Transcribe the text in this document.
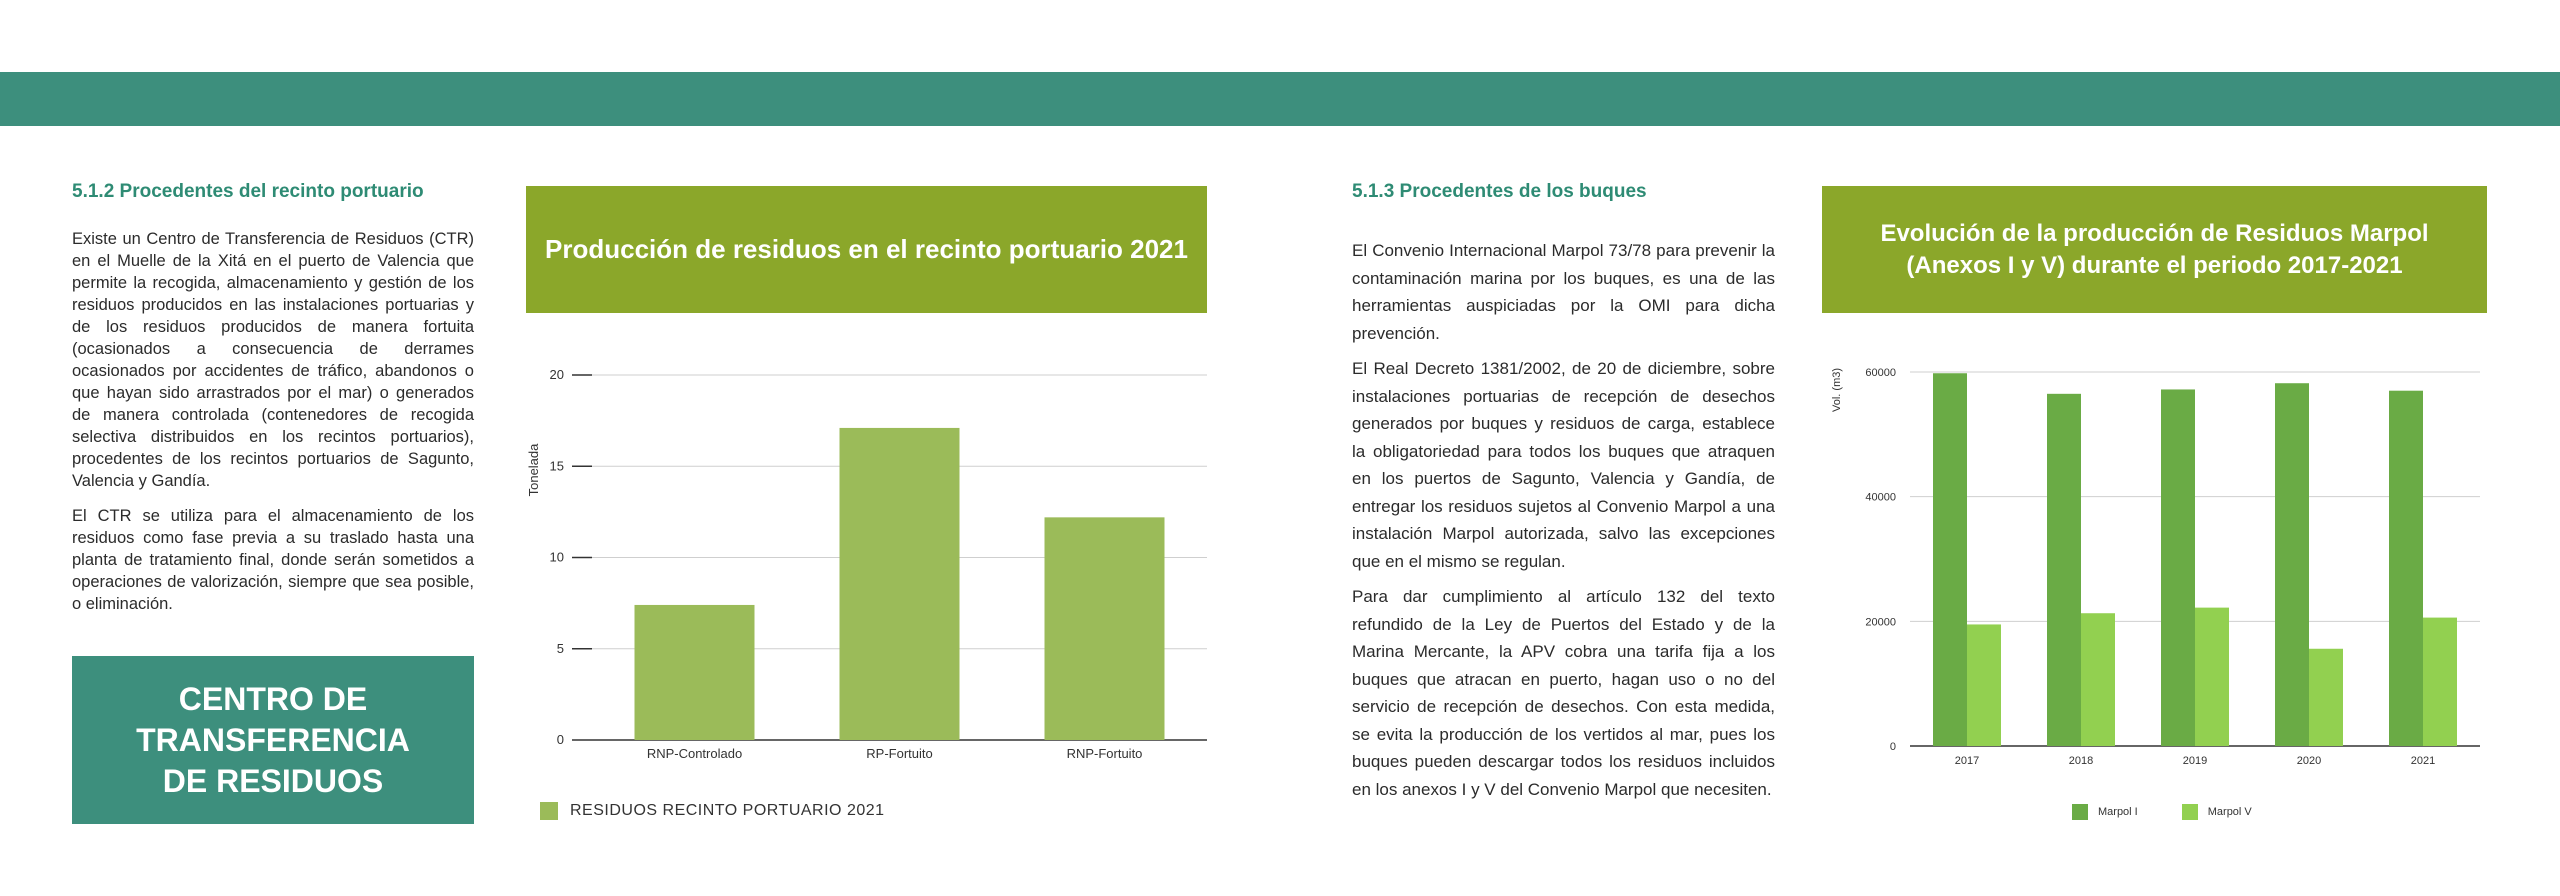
5.1.2 Procedentes del recinto portuario

Existe un Centro de Transferencia de Residuos (CTR) en el Muelle de la Xitá en el puerto de Valencia que permite la recogida, almacenamiento y gestión de los residuos producidos en las instalaciones portuarias y de los residuos producidos de manera fortuita (ocasionados a consecuencia de derrames ocasionados por accidentes de tráfico, abandonos o que hayan sido arrastrados por el mar) o generados de manera controlada (contenedores de recogida selectiva distribuidos en los recintos portuarios), procedentes de los recintos portuarios de Sagunto, Valencia y Gandía.

El CTR se utiliza para el almacenamiento de los residuos como fase previa a su traslado hasta una planta de tratamiento final, donde serán sometidos a operaciones de valorización, siempre que sea posible, o eliminación.

CENTRO DE
TRANSFERENCIA
DE RESIDUOS
Producción de residuos en el recinto portuario 2021
0
5
10
15
20
Tonelada
RNP-Controlado	RP-Fortuito	RNP-Fortuito
RESIDUOS RECINTO PORTUARIO 2021
5.1.3 Procedentes de los buques

El Convenio Internacional Marpol 73/78 para prevenir la contaminación marina por los buques, es una de las herramientas auspiciadas por la OMI para dicha prevención.

El Real Decreto 1381/2002, de 20 de diciembre, sobre instalaciones portuarias de recepción de desechos generados por buques y residuos de carga, establece la obligatoriedad para todos los buques que atraquen en los puertos de Sagunto, Valencia y Gandía, de entregar los residuos sujetos al Convenio Marpol a una instalación Marpol autorizada, salvo las excepciones que en el mismo se regulan.

Para dar cumplimiento al artículo 132 del texto refundido de la Ley de Puertos del Estado y de la Marina Mercante, la APV cobra una tarifa fija a los buques que atracan en puerto, hagan uso o no del servicio de recepción de desechos. Con esta medida, se evita la producción de los vertidos al mar, pues los buques pueden descargar todos los residuos incluidos en los anexos I y V del Convenio Marpol que necesiten.

Evolución de la producción de Residuos Marpol
(Anexos I y V) durante el periodo 2017-2021
0
20000
40000
60000
Vol. (m3)
2017	2018	2019	2020	2021
Marpol I	Marpol V
